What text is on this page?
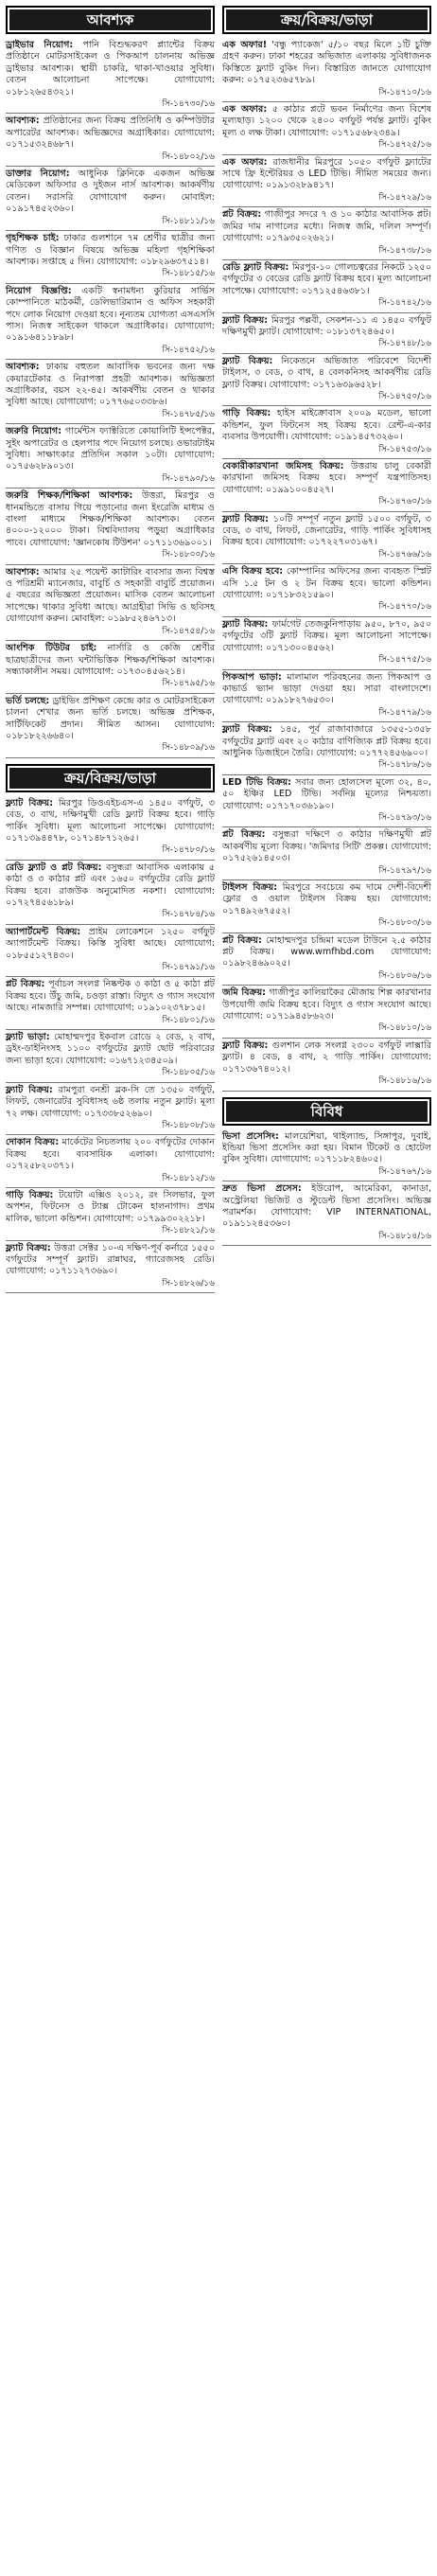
আবশ্যক
ড্রাইভার নিয়োগ: পানি বিশুদ্ধকরণ প্ল্যান্টের বিক্রয় প্রতিষ্ঠানে মোটরসাইকেল ও পিকআপ চালনায় অভিজ্ঞ ড্রাইভার আবশ্যক। স্থায়ী চাকরি, থাকা-খাওয়ার সুবিধা। বেতন আলোচনা সাপেক্ষে। যোগাযোগ: ০১৮১২৬৫৪৩২১।
সি-১৪৭৩০/১৬
আবশ্যক: প্রতিষ্ঠানের জন্য বিক্রয় প্রতিনিধি ও কম্পিউটার অপারেটর আবশ্যক। অভিজ্ঞদের অগ্রাধিকার। যোগাযোগ: ০১৭১৫৩২৪৬৮৭।
সি-১৪৮০২/১৬
ডাক্তার নিয়োগ: আধুনিক ক্লিনিকে একজন অভিজ্ঞ মেডিকেল অফিসার ও দুইজন নার্স আবশ্যক। আকর্ষণীয় বেতন। সরাসরি যোগাযোগ করুন। মোবাইল: ০১৯১৭৪৫২৩৬০।
সি-১৪৮১১/১৬
গৃহশিক্ষক চাই: ঢাকার গুলশানে ৭ম শ্রেণীর ছাত্রীর জন্য গণিত ও বিজ্ঞান বিষয়ে অভিজ্ঞ মহিলা গৃহশিক্ষিকা আবশ্যক। সপ্তাহে ৫ দিন। যোগাযোগ: ০১৮২৯৬৩৭৫১৪।
সি-১৪৮১৫/১৬
নিয়োগ বিজ্ঞপ্তি: একটি স্বনামধন্য কুরিয়ার সার্ভিস কোম্পানিতে মাঠকর্মী, ডেলিভারিম্যান ও অফিস সহকারী পদে লোক নিয়োগ দেওয়া হবে। নূন্যতম যোগ্যতা এসএসসি পাস। নিজস্ব সাইকেল থাকলে অগ্রাধিকার। যোগাযোগ: ০১৯১৬৪১১৮৯৮।
সি-১৪৭৫২/১৬
আবশ্যক: ঢাকায় বহুতল আবাসিক ভবনের জন্য দক্ষ কেয়ারটেকার ও নিরাপত্তা প্রহরী আবশ্যক। অভিজ্ঞতা অগ্রাধিকার, বয়স ২২-৪৫। আকর্ষণীয় বেতন ও থাকার সুবিধা আছে। যোগাযোগ: ০১৭৭৬৫০৩৩৮৬।
সি-১৪৭৮৫/১৬
জরুরি নিয়োগ: গার্মেন্টস ফ্যাক্টরিতে কোয়ালিটি ইন্সপেক্টর, সুইং অপারেটর ও হেলপার পদে নিয়োগ চলছে। ওভারটাইম সুবিধা। সাক্ষাৎকার প্রতিদিন সকাল ১০টা। যোগাযোগ: ০১৭৫৬২৮৯০১৩।
সি-১৪৭৯০/১৬
জরুরি শিক্ষক/শিক্ষিকা আবশ্যক: উত্তরা, মিরপুর ও ধানমন্ডিতে বাসায় গিয়ে পড়ানোর জন্য ইংরেজি মাধ্যম ও বাংলা মাধ্যমে শিক্ষক/শিক্ষিকা আবশ্যক। বেতন ৪০০০-১২০০০ টাকা। বিশ্ববিদ্যালয় পড়ুয়া অগ্রাধিকার পাবে। যোগাযোগ: 'জ্ঞানকোষ টিউশন' ০১৭১১৩৬৯০০১।
সি-১৪৮০০/১৬
আবশ্যক: আমার ২৫ পয়েন্ট ক্যাটারিং ব্যবসার জন্য বিশ্বস্ত ও পরিশ্রমী ম্যানেজার, বাবুর্চি ও সহকারী বাবুর্চি প্রয়োজন। ৫ বছরের অভিজ্ঞতা প্রয়োজন। মাসিক বেতন আলোচনা সাপেক্ষে। থাকার সুবিধা আছে। আগ্রহীরা সিভি ও ছবিসহ যোগাযোগ করুন। মোবাইল: ০১৯৮৫২৪৬৭১৩।
সি-১৪৭৫৪/১৬
আংশিক টিউটর চাই: নার্সারি ও কেজি শ্রেণীর ছাত্রছাত্রীদের জন্য ঘন্টাভিত্তিক শিক্ষক/শিক্ষিকা আবশ্যক। সন্ধ্যাকালীন সময়। যোগাযোগ: ০১৭৩০৪৫৬২১৪।
সি-১৪৭৯৫/১৬
ভর্তি চলছে: ড্রাইভিং প্রশিক্ষণ কেন্দ্রে কার ও মোটরসাইকেল চালনা শেখার জন্য ভর্তি চলছে। অভিজ্ঞ প্রশিক্ষক, সার্টিফিকেট প্রদান। সীমিত আসন। যোগাযোগ: ০১৮১৮২২৬৬৪০।
সি-১৪৮০৯/১৬
ক্রয়/বিক্রয়/ভাড়া
ফ্ল্যাট বিক্রয়: মিরপুর ডিওএইচএস-এ ১৪৫০ বর্গফুট, ৩ বেড, ৩ বাথ, দক্ষিণমুখী রেডি ফ্ল্যাট বিক্রয় হবে। গাড়ি পার্কিং সুবিধা। মূল্য আলোচনা সাপেক্ষে। যোগাযোগ: ০১৭১৩৯৪৪৭৮, ০১৭১৪৮৭১২৬৫।
সি-১৪৭৮০/১৬
রেডি ফ্ল্যাট ও প্লট বিক্রয়: বসুন্ধরা আবাসিক এলাকায় ৫ কাঠা ও ৩ কাঠার প্লট এবং ১৬৫০ বর্গফুটের রেডি ফ্ল্যাট বিক্রয় হবে। রাজউক অনুমোদিত নকশা। যোগাযোগ: ০১৭২৭৪৫৬১৮৯।
সি-১৪৭৮৪/১৬
অ্যাপার্টমেন্ট বিক্রয়: প্রাইম লোকেশনে ১২৫০ বর্গফুট অ্যাপার্টমেন্ট বিক্রয়। কিস্তি সুবিধা আছে। যোগাযোগ: ০১৮৫৫১২৭৪৩০।
সি-১৪৭৯১/১৬
প্লট বিক্রয়: পূর্বাচল সংলগ্ন নিষ্কণ্টক ৩ কাঠা ও ৫ কাঠা প্লট বিক্রয় হবে। উঁচু জমি, চওড়া রাস্তা। বিদ্যুৎ ও গ্যাস সংযোগ আছে। নামজারি সম্পন্ন। যোগাযোগ: ০১৯১০২৩৭৮১৫।
সি-১৪৮০১/১৬
ফ্ল্যাট ভাড়া: মোহাম্মদপুর ইকবাল রোডে ২ বেড, ২ বাথ, ড্রইং-ডাইনিংসহ ১১০০ বর্গফুটের ফ্ল্যাট ছোট পরিবারের জন্য ভাড়া হবে। যোগাযোগ: ০১৬৭১২৩৪৫০৯।
সি-১৪৮০৫/১৬
ফ্ল্যাট বিক্রয়: রামপুরা বনশ্রী ব্লক-সি তে ১৩৫০ বর্গফুট, লিফট, জেনারেটর সুবিধাসহ ৬ষ্ঠ তলায় নতুন ফ্ল্যাট। মূল্য ৭২ লক্ষ। যোগাযোগ: ০১৭৩৩৮৫২৬৯০।
সি-১৪৮০৮/১৬
দোকান বিক্রয়: মার্কেটের নিচতলায় ২০০ বর্গফুটের দোকান বিক্রয় হবে। ব্যবসায়িক এলাকা। যোগাযোগ: ০১৭২৫৮২০৩৭১।
সি-১৪৮১২/১৬
গাড়ি বিক্রয়: টয়োটা এক্সিও ২০১২, রং সিলভার, ফুল অপশন, ফিটনেস ও ট্যাক্স টোকেন হালনাগাদ। প্রথম মালিক, ভালো কন্ডিশন। যোগাযোগ: ০১৭৯৯৩০২২১৮।
সি-১৪৮২১/১৬
ফ্ল্যাট বিক্রয়: উত্তরা সেক্টর ১০-এ দক্ষিণ-পূর্ব কর্নারে ১৫৫০ বর্গফুটের সম্পূর্ণ ফ্ল্যাট। রান্নাঘর, গ্যারেজসহ রেডি। যোগাযোগ: ০১৭১১২৭৩৬৯০।
সি-১৪৮২৬/১৬
ক্রয়/বিক্রয়/ভাড়া
এক অফার! 'বন্ধু প্যাকেজ' ৫/১০ বছর মিলে ১টি চুক্তি গ্রহণ করুন। ঢাকা শহরের অভিজাত এলাকায় সুবিধাজনক কিস্তিতে ফ্ল্যাট বুকিং দিন। বিস্তারিত জানতে যোগাযোগ করুন: ০১৭৫২৩৬৫৭৮৯।
সি-১৪৭১০/১৬
এক অফার: ৫ কাঠার প্লটে ভবন নির্মাণের জন্য বিশেষ মূল্যছাড়। ১২০০ থেকে ২৪০০ বর্গফুট পর্যন্ত ফ্ল্যাট। বুকিং মূল্য ৩ লক্ষ টাকা। যোগাযোগ: ০১৭১৫৬৮২৩৪৯।
সি-১৪৭২৫/১৬
এক অফার: রাজধানীর মিরপুরে ১০৫০ বর্গফুট ফ্ল্যাটের সাথে ফ্রি ইন্টেরিয়র ও LED টিভি। সীমিত সময়ের জন্য। যোগাযোগ: ০১৯১৩২৮৯৪১৭।
সি-১৪৭২৯/১৬
প্লট বিক্রয়: গাজীপুর সদরে ৭ ও ১০ কাঠার আবাসিক প্লট। জমির দাম নাগালের মধ্যে। নিজস্ব জমি, দলিল সম্পূর্ণ। যোগাযোগ: ০১৭৯৩৫০২৬২১।
সি-১৪৭৩৮/১৬
রেডি ফ্ল্যাট বিক্রয়: মিরপুর-১০ গোলচত্বরের নিকটে ১২৫০ বর্গফুটের ৩ বেডের রেডি ফ্ল্যাট বিক্রয় হবে। মূল্য আলোচনা সাপেক্ষে। যোগাযোগ: ০১৭১২৫৪৬৩৮১।
সি-১৪৭৪২/১৬
ফ্ল্যাট বিক্রয়: মিরপুর পল্লবী, সেকশন-১১ এ ১৪৫০ বর্গফুট দক্ষিণমুখী ফ্ল্যাট। যোগাযোগ: ০১৮১৩৭২৪৬৫০।
সি-১৪৭৪৮/১৬
ফ্ল্যাট বিক্রয়: নিকেতনে অভিজাত পরিবেশে বিদেশী টাইলস, ৩ বেড, ৩ বাথ, ৪ বেলকনিসহ আকর্ষণীয় রেডি ফ্ল্যাট বিক্রয়। যোগাযোগ: ০১৭১৬৩৯৬৫২৮।
সি-১৪৭৫০/১৬
গাড়ি বিক্রয়: হাইস মাইক্রোবাস ২০০৯ মডেল, ভালো কন্ডিশন, ফুল ফিটনেস সহ বিক্রয় হবে। রেন্ট-এ-কার ব্যবসার উপযোগী। যোগাযোগ: ০১৯১৪৫৭৩২৬০।
সি-১৪৭৫৩/১৬
বেকারীকারখানা জমিসহ বিক্রয়: উত্তরায় চালু বেকারী কারখানা জমিসহ বিক্রয় হবে। সম্পূর্ণ যন্ত্রপাতিসহ। যোগাযোগ: ০১৯৯১০০৪৫২৭।
সি-১৪৭৬০/১৬
ফ্ল্যাট বিক্রয়: ১০টি সম্পূর্ণ নতুন ফ্ল্যাট ১৫০০ বর্গফুট, ৩ বেড, ৩ বাথ, লিফট, জেনারেটর, গাড়ি পার্কিং সুবিধাসহ বিক্রয় হবে। যোগাযোগ: ০১৭২২৭০৩১৬৭।
সি-১৪৭৬৬/১৬
এসি বিক্রয় হবে: কোম্পানির অফিসের জন্য ব্যবহৃত স্প্লিট এসি ১.৫ টন ও ২ টন বিক্রয় হবে। ভালো কন্ডিশন। যোগাযোগ: ০১৭১৮৩২১৫৯০।
সি-১৪৭৭০/১৬
ফ্ল্যাট বিক্রয়: ফার্মগেট তেজকুনিপাড়ায় ৯৫০, ৮৭০, ৯৫০ বর্গফুটের ৩টি ফ্ল্যাট বিক্রয়। মূল্য আলোচনা সাপেক্ষে। যোগাযোগ: ০১৭১৩০০৪৫৬২।
সি-১৪৭৭৫/১৬
পিকআপ ভাড়া: মালামাল পরিবহনের জন্য পিকআপ ও কাভার্ড ভ্যান ভাড়া দেওয়া হয়। সারা বাংলাদেশে। যোগাযোগ: ০১৯১৮২৭৬৫৩০।
সি-১৪৭৭৯/১৬
ফ্ল্যাট বিক্রয়: ১৪৫, পূর্ব রাজাবাজারে ১৩৫৫-১৩৫৮ বর্গফুটের ফ্ল্যাট এবং ২০ কাঠার বাণিজ্যিক প্লট বিক্রয় হবে। আধুনিক ডিজাইনে তৈরি। যোগাযোগ: ০১৭৭২৪৫৬৯০০।
সি-১৪৭৮৬/১৬
LED টিভি বিক্রয়: সবার জন্য হোলসেল মূল্যে ৩২, ৪০, ৫০ ইঞ্চির LED টিভি। সর্বনিম্ন মূল্যের নিশ্চয়তা। যোগাযোগ: ০১৭১৭০৩৬১৯০।
সি-১৪৭৯৩/১৬
প্লট বিক্রয়: বসুন্ধরা দক্ষিণে ৩ কাঠার দক্ষিণমুখী প্লট আকর্ষণীয় মূল্যে বিক্রয়। 'জমিদার সিটি' প্রকল্প। যোগাযোগ: ০১৭৫২৬১৪৫০৩।
সি-১৪৭৯৭/১৬
টাইলস বিক্রয়: মিরপুরে সবচেয়ে কম দামে দেশী-বিদেশী ফ্লোর ও ওয়াল টাইলস বিক্রয় হয়। যোগাযোগ: ০১৭৪৯২৬৭৫৫২।
সি-১৪৮০৩/১৬
প্লট বিক্রয়: মোহাম্মদপুর চন্দ্রিমা মডেল টাউনে ২.৫ কাঠার প্লট বিক্রয়। www.wmfhbd.com যোগাযোগ: ০১৯৮২৪৬৯০২৫।
সি-১৪৮০৬/১৬
জমি বিক্রয়: গাজীপুর কালিয়াকৈর মৌজায় শিল্প কারখানার উপযোগী জমি বিক্রয় হবে। বিদ্যুৎ ও গ্যাস সংযোগ আছে। যোগাযোগ: ০১৭১৯৪৫৮৬২৩।
সি-১৪৮১০/১৬
ফ্ল্যাট বিক্রয়: গুলশান লেক সংলগ্ন ২৩০০ বর্গফুট লাক্সারি ফ্ল্যাট। ৪ বেড, ৪ বাথ, ২ গাড়ি পার্কিং। যোগাযোগ: ০১৭১৩৬৭৪০১২।
সি-১৪৮১৬/১৬
বিবিধ
ভিসা প্রসেসিং: মালয়েশিয়া, থাইল্যান্ড, সিঙ্গাপুর, দুবাই, ইন্ডিয়া ভিসা প্রসেসিং করা হয়। বিমান টিকেট ও হোটেল বুকিং সুবিধা। যোগাযোগ: ০১৭১১৮২৪৬০৫।
সি-১৪৭৬৭/১৬
দ্রুত ভিসা প্রসেস: ইউরোপ, আমেরিকা, কানাডা, অস্ট্রেলিয়া ভিজিট ও স্টুডেন্ট ভিসা প্রসেসিং। অভিজ্ঞ পরামর্শক। যোগাযোগ: VIP INTERNATIONAL, ০১৯১১২৪৫৩৬০।
সি-১৪৮১৪/১৬
